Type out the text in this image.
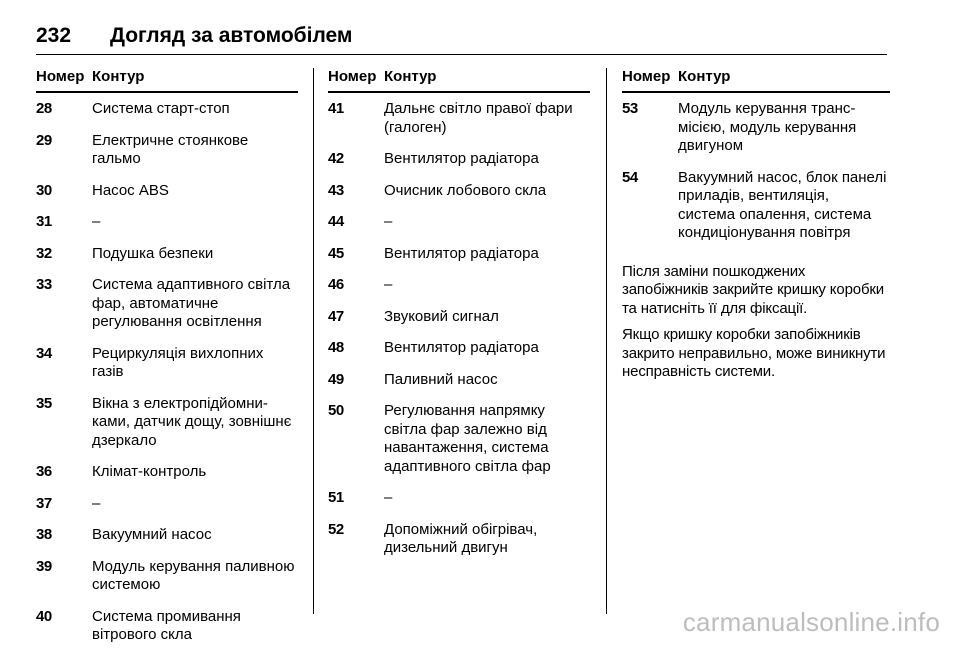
232 Догляд за автомобілем
Номер Контур
28	Система старт-стоп
29	Електричне стоянкове гальмо
30	Насос ABS
31	–
32	Подушка безпеки
33	Система адаптивного світла фар, автоматичне регулювання освітлення
34	Рециркуляція вихлопних газів
35	Вікна з електропідйомниками, датчик дощу, зовнішнє дзеркало
36	Клімат-контроль
37	–
38	Вакуумний насос
39	Модуль керування паливною системою
40	Система промивання вітрового скла
Номер Контур
41	Дальнє світло правої фари (галоген)
42	Вентилятор радіатора
43	Очисник лобового скла
44	–
45	Вентилятор радіатора
46	–
47	Звуковий сигнал
48	Вентилятор радіатора
49	Паливний насос
50	Регулювання напрямку світла фар залежно від навантаження, система адаптивного світла фар
51	–
52	Допоміжний обігрівач, дизельний двигун
Номер Контур
53	Модуль керування трансмісією, модуль керування двигуном
54	Вакуумний насос, блок панелі приладів, вентиляція, система опалення, система кондиціонування повітря
Після заміни пошкоджених запобіжників закрийте кришку коробки та натисніть її для фіксації.
Якщо кришку коробки запобіжників закрито неправильно, може виникнути несправність системи.
carmanualsonline.info
